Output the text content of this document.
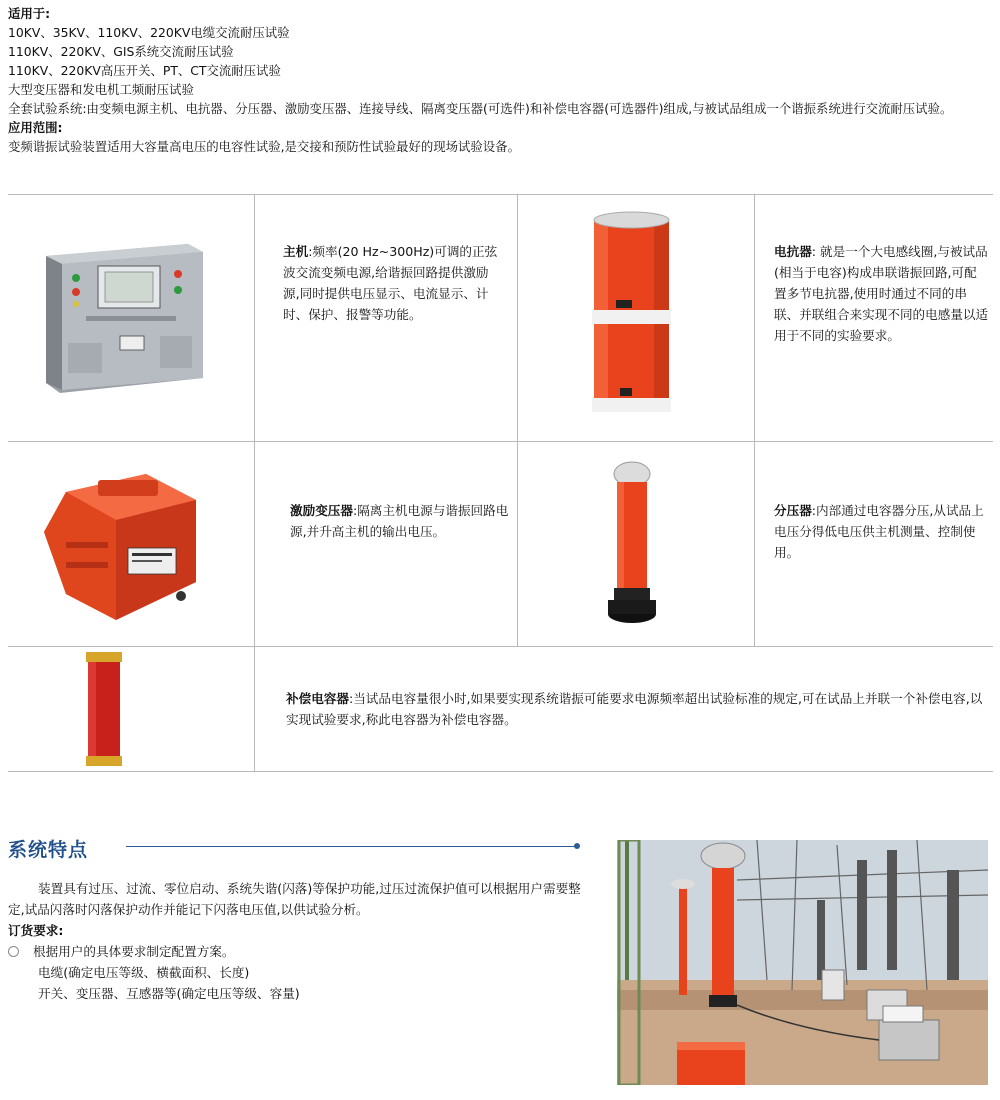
适用于:
10KV、35KV、110KV、220KV电缆交流耐压试验
110KV、220KV、GIS系统交流耐压试验
110KV、220KV高压开关、PT、CT交流耐压试验
大型变压器和发电机工频耐压试验
全套试验系统:由变频电源主机、电抗器、分压器、激励变压器、连接导线、隔离变压器(可选件)和补偿电容器(可选器件)组成,与被试品组成一个谐振系统进行交流耐压试验。
应用范围:
变频谐振试验装置适用大容量高电压的电容性试验,是交接和预防性试验最好的现场试验设备。
主机:频率(20 Hz~300Hz)可调的正弦波交流变频电源,给谐振回路提供激励源,同时提供电压显示、电流显示、计时、保护、报警等功能。
电抗器: 就是一个大电感线圈,与被试品(相当于电容)构成串联谐振回路,可配置多节电抗器,使用时通过不同的串联、并联组合来实现不同的电感量以适用于不同的实验要求。
激励变压器:隔离主机电源与谐振回路电源,并升高主机的输出电压。
分压器:内部通过电容器分压,从试品上电压分得低电压供主机测量、控制使用。
补偿电容器:当试品电容量很小时,如果要实现系统谐振可能要求电源频率超出试验标准的规定,可在试品上并联一个补偿电容,以实现试验要求,称此电容器为补偿电容器。
系统特点
装置具有过压、过流、零位启动、系统失谐(闪落)等保护功能,过压过流保护值可以根据用户需要整定,试品闪落时闪落保护动作并能记下闪落电压值,以供试验分析。
订货要求:
根据用户的具体要求制定配置方案。
电缆(确定电压等级、横截面积、长度)
开关、变压器、互感器等(确定电压等级、容量)
